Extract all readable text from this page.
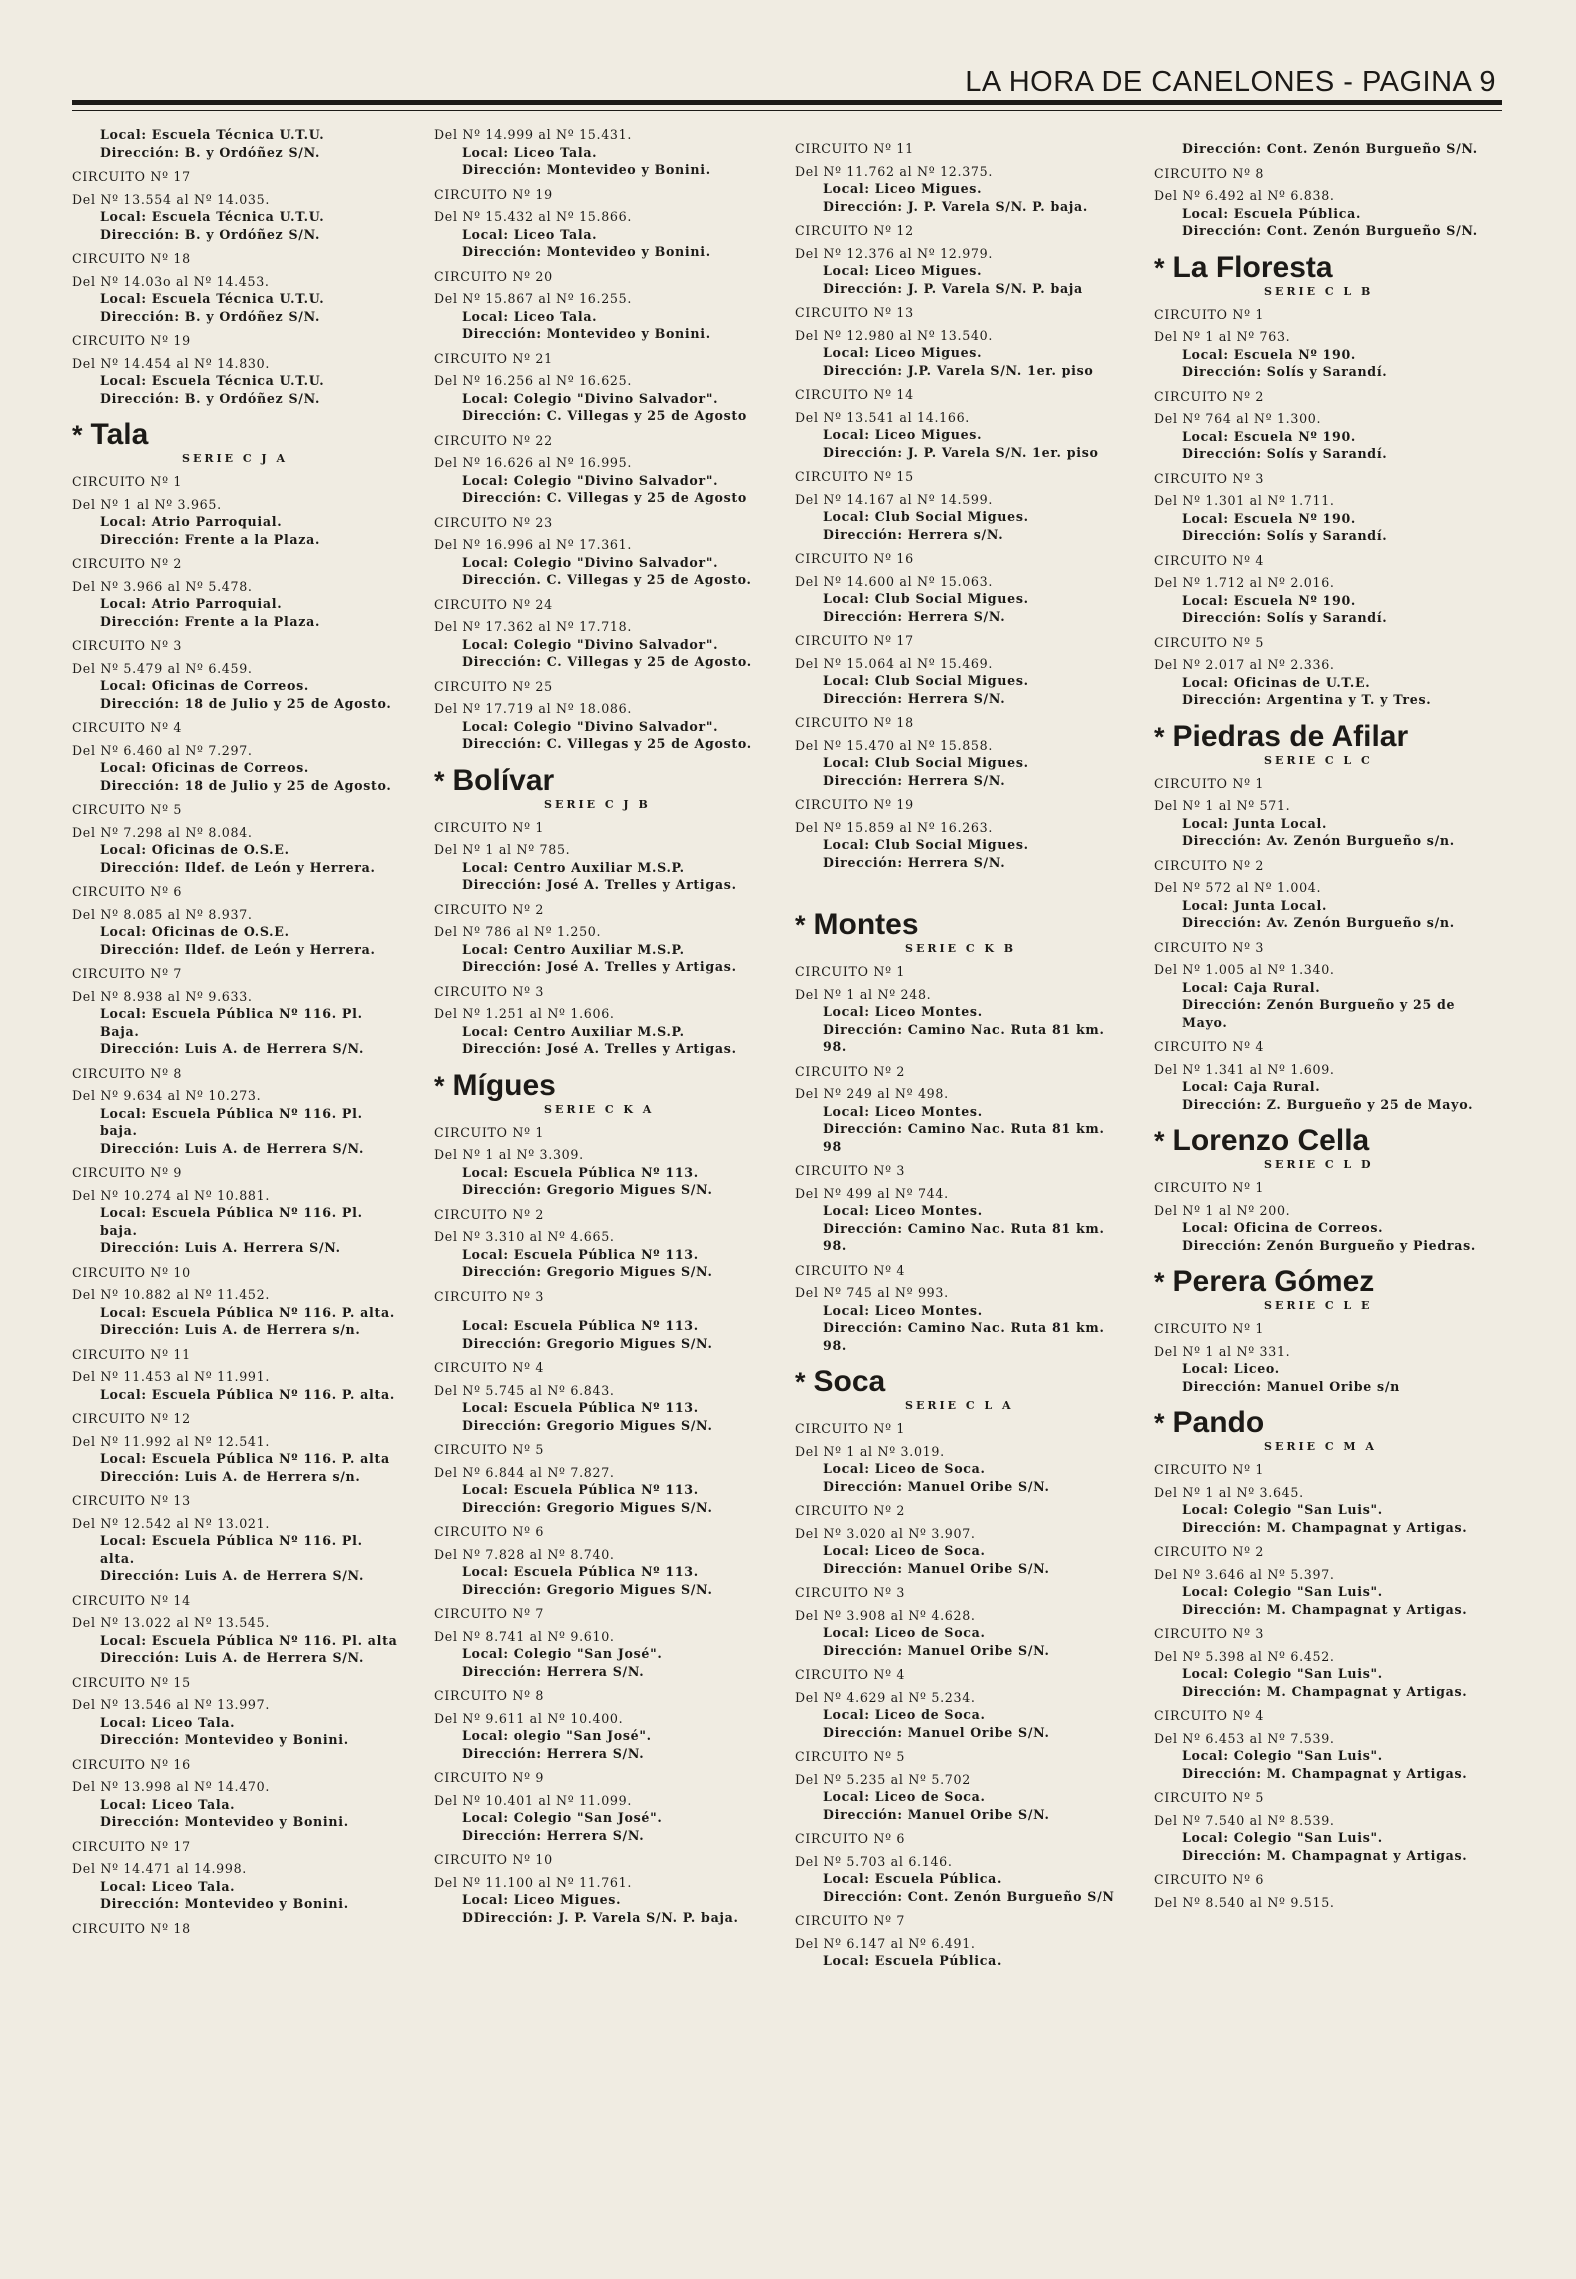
LA HORA DE CANELONES - PAGINA 9
Local: Escuela Técnica U.T.U.
Dirección: B. y Ordóñez S/N.
CIRCUITO Nº 17
Del Nº 13.554 al Nº 14.035.
Local: Escuela Técnica U.T.U.
Dirección: B. y Ordóñez S/N.
CIRCUITO Nº 18
Del Nº 14.03o al Nº 14.453.
Local: Escuela Técnica U.T.U.
Dirección: B. y Ordóñez S/N.
CIRCUITO Nº 19
Del Nº 14.454 al Nº 14.830.
Local: Escuela Técnica U.T.U.
Dirección: B. y Ordóñez S/N.
* Tala
SERIE C J A
CIRCUITO Nº 1
Del Nº 1 al Nº 3.965.
Local: Atrio Parroquial.
Dirección: Frente a la Plaza.
CIRCUITO Nº 2
Del Nº 3.966 al Nº 5.478.
Local: Atrio Parroquial.
Dirección: Frente a la Plaza.
CIRCUITO Nº 3
Del Nº 5.479 al Nº 6.459.
Local: Oficinas de Correos.
Dirección: 18 de Julio y 25 de Agosto.
CIRCUITO Nº 4
Del Nº 6.460 al Nº 7.297.
Local: Oficinas de Correos.
Dirección: 18 de Julio y 25 de Agosto.
CIRCUITO Nº 5
Del Nº 7.298 al Nº 8.084.
Local: Oficinas de O.S.E.
Dirección: Ildef. de León y Herrera.
CIRCUITO Nº 6
Del Nº 8.085 al Nº 8.937.
Local: Oficinas de O.S.E.
Dirección: Ildef. de León y Herrera.
CIRCUITO Nº 7
Del Nº 8.938 al Nº 9.633.
Local: Escuela Pública Nº 116. Pl. Baja.
Dirección: Luis A. de Herrera S/N.
CIRCUITO Nº 8
Del Nº 9.634 al Nº 10.273.
Local: Escuela Pública Nº 116. Pl. baja.
Dirección: Luis A. de Herrera S/N.
CIRCUITO Nº 9
Del Nº 10.274 al Nº 10.881.
Local: Escuela Pública Nº 116. Pl. baja.
Dirección: Luis A. Herrera S/N.
CIRCUITO Nº 10
Del Nº 10.882 al Nº 11.452.
Local: Escuela Pública Nº 116. P. alta.
Dirección: Luis A. de Herrera s/n.
CIRCUITO Nº 11
Del Nº 11.453 al Nº 11.991.
Local: Escuela Pública Nº 116. P. alta.
CIRCUITO Nº 12
Del Nº 11.992 al Nº 12.541.
Local: Escuela Pública Nº 116. P. alta
Dirección: Luis A. de Herrera s/n.
CIRCUITO Nº 13
Del Nº 12.542 al Nº 13.021.
Local: Escuela Pública Nº 116. Pl. alta.
Dirección: Luis A. de Herrera S/N.
CIRCUITO Nº 14
Del Nº 13.022 al Nº 13.545.
Local: Escuela Pública Nº 116. Pl. alta
Dirección: Luis A. de Herrera S/N.
CIRCUITO Nº 15
Del Nº 13.546 al Nº 13.997.
Local: Liceo Tala.
Dirección: Montevideo y Bonini.
CIRCUITO Nº 16
Del Nº 13.998 al Nº 14.470.
Local: Liceo Tala.
Dirección: Montevideo y Bonini.
CIRCUITO Nº 17
Del Nº 14.471 al 14.998.
Local: Liceo Tala.
Dirección: Montevideo y Bonini.
CIRCUITO Nº 18
Del Nº 14.999 al Nº 15.431.
Local: Liceo Tala.
Dirección: Montevideo y Bonini.
CIRCUITO Nº 19
Del Nº 15.432 al Nº 15.866.
Local: Liceo Tala.
Dirección: Montevideo y Bonini.
CIRCUITO Nº 20
Del Nº 15.867 al Nº 16.255.
Local: Liceo Tala.
Dirección: Montevideo y Bonini.
CIRCUITO Nº 21
Del Nº 16.256 al Nº 16.625.
Local: Colegio "Divino Salvador".
Dirección: C. Villegas y 25 de Agosto
CIRCUITO Nº 22
Del Nº 16.626 al Nº 16.995.
Local: Colegio "Divino Salvador".
Dirección: C. Villegas y 25 de Agosto
CIRCUITO Nº 23
Del Nº 16.996 al Nº 17.361.
Local: Colegio "Divino Salvador".
Dirección. C. Villegas y 25 de Agosto.
CIRCUITO Nº 24
Del Nº 17.362 al Nº 17.718.
Local: Colegio "Divino Salvador".
Dirección: C. Villegas y 25 de Agosto.
CIRCUITO Nº 25
Del Nº 17.719 al Nº 18.086.
Local: Colegio "Divino Salvador".
Dirección: C. Villegas y 25 de Agosto.
* Bolívar
SERIE C J B
CIRCUITO Nº 1
Del Nº 1 al Nº 785.
Local: Centro Auxiliar M.S.P.
Dirección: José A. Trelles y Artigas.
CIRCUITO Nº 2
Del Nº 786 al Nº 1.250.
Local: Centro Auxiliar M.S.P.
Dirección: José A. Trelles y Artigas.
CIRCUITO Nº 3
Del Nº 1.251 al Nº 1.606.
Local: Centro Auxiliar M.S.P.
Dirección: José A. Trelles y Artigas.
* Mígues
SERIE C K A
CIRCUITO Nº 1
Del Nº 1 al Nº 3.309.
Local: Escuela Pública Nº 113.
Dirección: Gregorio Migues S/N.
CIRCUITO Nº 2
Del Nº 3.310 al Nº 4.665.
Local: Escuela Pública Nº 113.
Dirección: Gregorio Migues S/N.
CIRCUITO Nº 3
Local: Escuela Pública Nº 113.
Dirección: Gregorio Migues S/N.
CIRCUITO Nº 4
Del Nº 5.745 al Nº 6.843.
Local: Escuela Pública Nº 113.
Dirección: Gregorio Migues S/N.
CIRCUITO Nº 5
Del Nº 6.844 al Nº 7.827.
Local: Escuela Pública Nº 113.
Dirección: Gregorio Migues S/N.
CIRCUITO Nº 6
Del Nº 7.828 al Nº 8.740.
Local: Escuela Pública Nº 113.
Dirección: Gregorio Migues S/N.
CIRCUITO Nº 7
Del Nº 8.741 al Nº 9.610.
Local: Colegio "San José".
Dirección: Herrera S/N.
CIRCUITO Nº 8
Del Nº 9.611 al Nº 10.400.
Local: olegio "San José".
Dirección: Herrera S/N.
CIRCUITO Nº 9
Del Nº 10.401 al Nº 11.099.
Local: Colegio "San José".
Dirección: Herrera S/N.
CIRCUITO Nº 10
Del Nº 11.100 al Nº 11.761.
Local: Liceo Migues.
DDirección: J. P. Varela S/N. P. baja.
CIRCUITO Nº 11
Del Nº 11.762 al Nº 12.375.
Local: Liceo Migues.
Dirección: J. P. Varela S/N. P. baja.
CIRCUITO Nº 12
Del Nº 12.376 al Nº 12.979.
Local: Liceo Migues.
Dirección: J. P. Varela S/N. P. baja
CIRCUITO Nº 13
Del Nº 12.980 al Nº 13.540.
Local: Liceo Migues.
Dirección: J.P. Varela S/N. 1er. piso
CIRCUITO Nº 14
Del Nº 13.541 al 14.166.
Local: Liceo Migues.
Dirección: J. P. Varela S/N. 1er. piso
CIRCUITO Nº 15
Del Nº 14.167 al Nº 14.599.
Local: Club Social Migues.
Dirección: Herrera s/N.
CIRCUITO Nº 16
Del Nº 14.600 al Nº 15.063.
Local: Club Social Migues.
Dirección: Herrera S/N.
CIRCUITO Nº 17
Del Nº 15.064 al Nº 15.469.
Local: Club Social Migues.
Dirección: Herrera S/N.
CIRCUITO Nº 18
Del Nº 15.470 al Nº 15.858.
Local: Club Social Migues.
Dirección: Herrera S/N.
CIRCUITO Nº 19
Del Nº 15.859 al Nº 16.263.
Local: Club Social Migues.
Dirección: Herrera S/N.
* Montes
SERIE C K B
CIRCUITO Nº 1
Del Nº 1 al Nº 248.
Local: Liceo Montes.
Dirección: Camino Nac. Ruta 81 km. 98.
CIRCUITO Nº 2
Del Nº 249 al Nº 498.
Local: Liceo Montes.
Dirección: Camino Nac. Ruta 81 km. 98
CIRCUITO Nº 3
Del Nº 499 al Nº 744.
Local: Liceo Montes.
Dirección: Camino Nac. Ruta 81 km. 98.
CIRCUITO Nº 4
Del Nº 745 al Nº 993.
Local: Liceo Montes.
Dirección: Camino Nac. Ruta 81 km. 98.
* Soca
SERIE C L A
CIRCUITO Nº 1
Del Nº 1 al Nº 3.019.
Local: Liceo de Soca.
Dirección: Manuel Oribe S/N.
CIRCUITO Nº 2
Del Nº 3.020 al Nº 3.907.
Local: Liceo de Soca.
Dirección: Manuel Oribe S/N.
CIRCUITO Nº 3
Del Nº 3.908 al Nº 4.628.
Local: Liceo de Soca.
Dirección: Manuel Oribe S/N.
CIRCUITO Nº 4
Del Nº 4.629 al Nº 5.234.
Local: Liceo de Soca.
Dirección: Manuel Oribe S/N.
CIRCUITO Nº 5
Del Nº 5.235 al Nº 5.702
Local: Liceo de Soca.
Dirección: Manuel Oribe S/N.
CIRCUITO Nº 6
Del Nº 5.703 al 6.146.
Local: Escuela Pública.
Dirección: Cont. Zenón Burgueño S/N
CIRCUITO Nº 7
Del Nº 6.147 al Nº 6.491.
Local: Escuela Pública.
Dirección: Cont. Zenón Burgueño S/N.
CIRCUITO Nº 8
Del Nº 6.492 al Nº 6.838.
Local: Escuela Pública.
Dirección: Cont. Zenón Burgueño S/N.
* La Floresta
SERIE C L B
CIRCUITO Nº 1
Del Nº 1 al Nº 763.
Local: Escuela Nº 190.
Dirección: Solís y Sarandí.
CIRCUITO Nº 2
Del Nº 764 al Nº 1.300.
Local: Escuela Nº 190.
Dirección: Solís y Sarandí.
CIRCUITO Nº 3
Del Nº 1.301 al Nº 1.711.
Local: Escuela Nº 190.
Dirección: Solís y Sarandí.
CIRCUITO Nº 4
Del Nº 1.712 al Nº 2.016.
Local: Escuela Nº 190.
Dirección: Solís y Sarandí.
CIRCUITO Nº 5
Del Nº 2.017 al Nº 2.336.
Local: Oficinas de U.T.E.
Dirección: Argentina y T. y Tres.
* Piedras de Afilar
SERIE C L C
CIRCUITO Nº 1
Del Nº 1 al Nº 571.
Local: Junta Local.
Dirección: Av. Zenón Burgueño s/n.
CIRCUITO Nº 2
Del Nº 572 al Nº 1.004.
Local: Junta Local.
Dirección: Av. Zenón Burgueño s/n.
CIRCUITO Nº 3
Del Nº 1.005 al Nº 1.340.
Local: Caja Rural.
Dirección: Zenón Burgueño y 25 de
Mayo.
CIRCUITO Nº 4
Del Nº 1.341 al Nº 1.609.
Local: Caja Rural.
Dirección: Z. Burgueño y 25 de Mayo.
* Lorenzo Cella
SERIE C L D
CIRCUITO Nº 1
Del Nº 1 al Nº 200.
Local: Oficina de Correos.
Dirección: Zenón Burgueño y Piedras.
* Perera Gómez
SERIE C L E
CIRCUITO Nº 1
Del Nº 1 al Nº 331.
Local: Liceo.
Dirección: Manuel Oribe s/n
* Pando
SERIE C M A
CIRCUITO Nº 1
Del Nº 1 al Nº 3.645.
Local: Colegio "San Luis".
Dirección: M. Champagnat y Artigas.
CIRCUITO Nº 2
Del Nº 3.646 al Nº 5.397.
Local: Colegio "San Luis".
Dirección: M. Champagnat y Artigas.
CIRCUITO Nº 3
Del Nº 5.398 al Nº 6.452.
Local: Colegio "San Luis".
Dirección: M. Champagnat y Artigas.
CIRCUITO Nº 4
Del Nº 6.453 al Nº 7.539.
Local: Colegio "San Luis".
Dirección: M. Champagnat y Artigas.
CIRCUITO Nº 5
Del Nº 7.540 al Nº 8.539.
Local: Colegio "San Luis".
Dirección: M. Champagnat y Artigas.
CIRCUITO Nº 6
Del Nº 8.540 al Nº 9.515.
